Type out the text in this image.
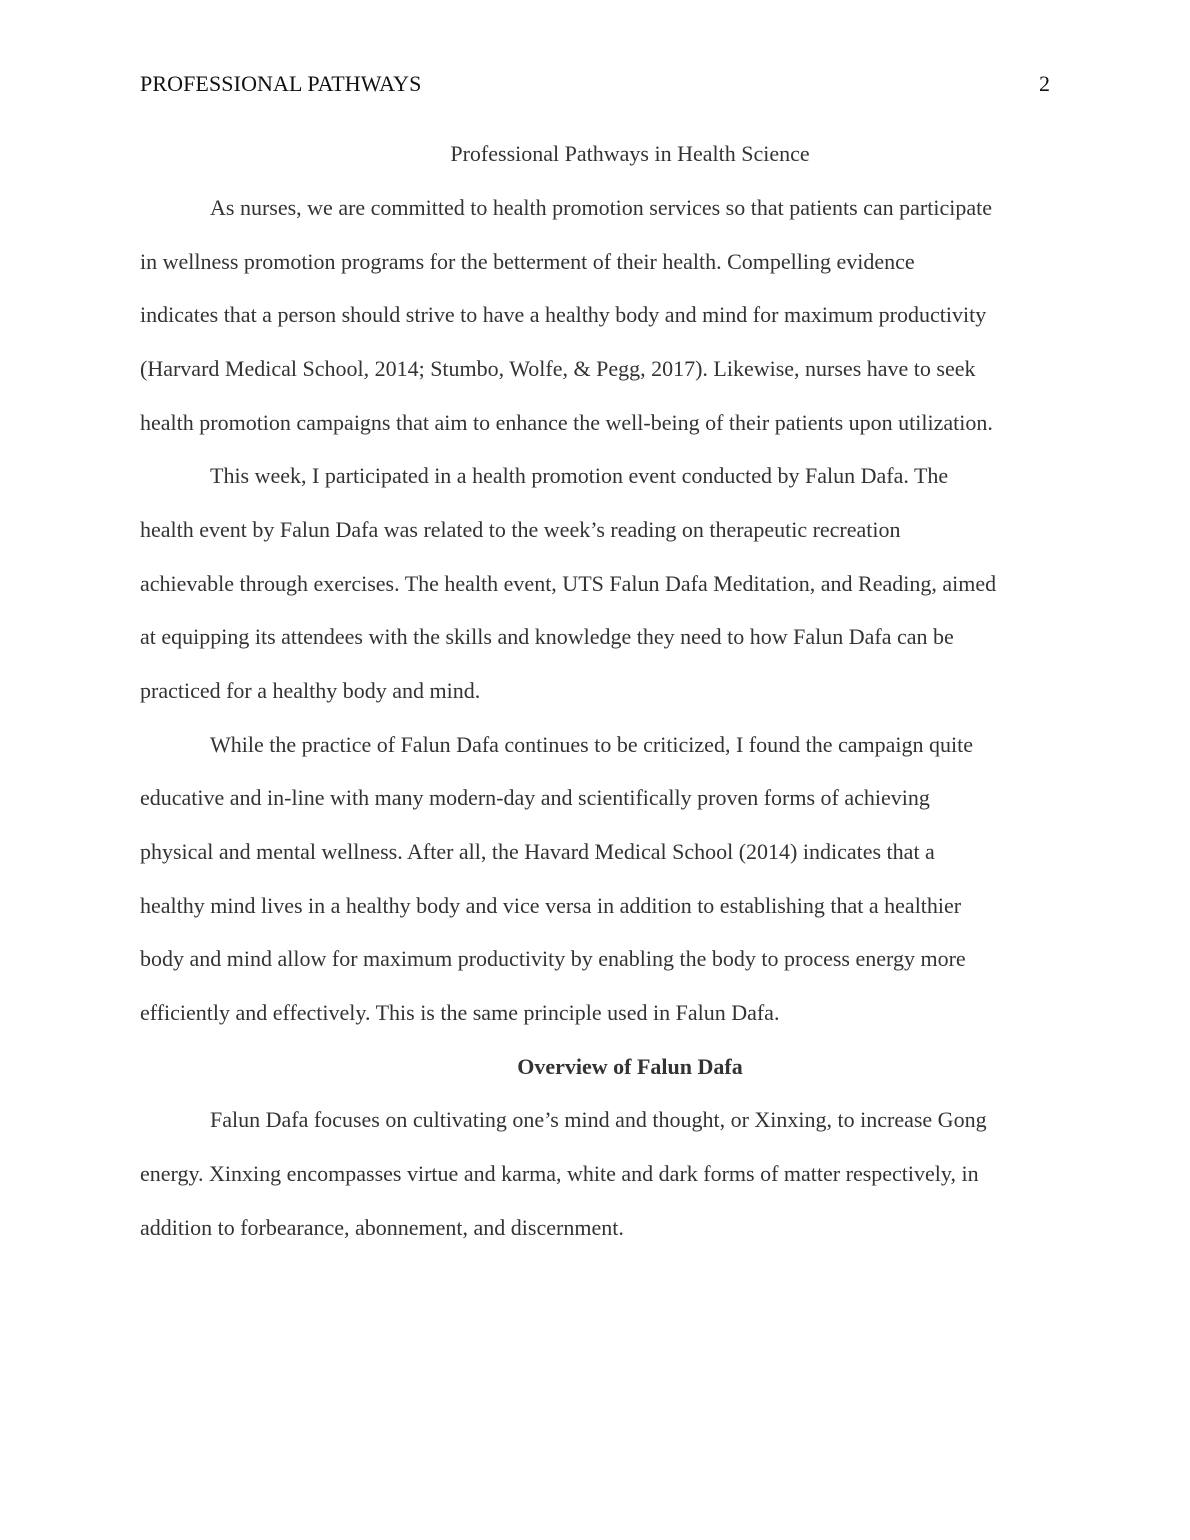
PROFESSIONAL PATHWAYS	2
Professional Pathways in Health Science
As nurses, we are committed to health promotion services so that patients can participate
in wellness promotion programs for the betterment of their health. Compelling evidence
indicates that a person should strive to have a healthy body and mind for maximum productivity
(Harvard Medical School, 2014; Stumbo, Wolfe, & Pegg, 2017). Likewise, nurses have to seek
health promotion campaigns that aim to enhance the well-being of their patients upon utilization.
This week, I participated in a health promotion event conducted by Falun Dafa. The
health event by Falun Dafa was related to the week’s reading on therapeutic recreation
achievable through exercises. The health event, UTS Falun Dafa Meditation, and Reading, aimed
at equipping its attendees with the skills and knowledge they need to how Falun Dafa can be
practiced for a healthy body and mind.
While the practice of Falun Dafa continues to be criticized, I found the campaign quite
educative and in-line with many modern-day and scientifically proven forms of achieving
physical and mental wellness. After all, the Havard Medical School (2014) indicates that a
healthy mind lives in a healthy body and vice versa in addition to establishing that a healthier
body and mind allow for maximum productivity by enabling the body to process energy more
efficiently and effectively. This is the same principle used in Falun Dafa.
Overview of Falun Dafa
Falun Dafa focuses on cultivating one’s mind and thought, or Xinxing, to increase Gong
energy. Xinxing encompasses virtue and karma, white and dark forms of matter respectively, in
addition to forbearance, abonnement, and discernment.
